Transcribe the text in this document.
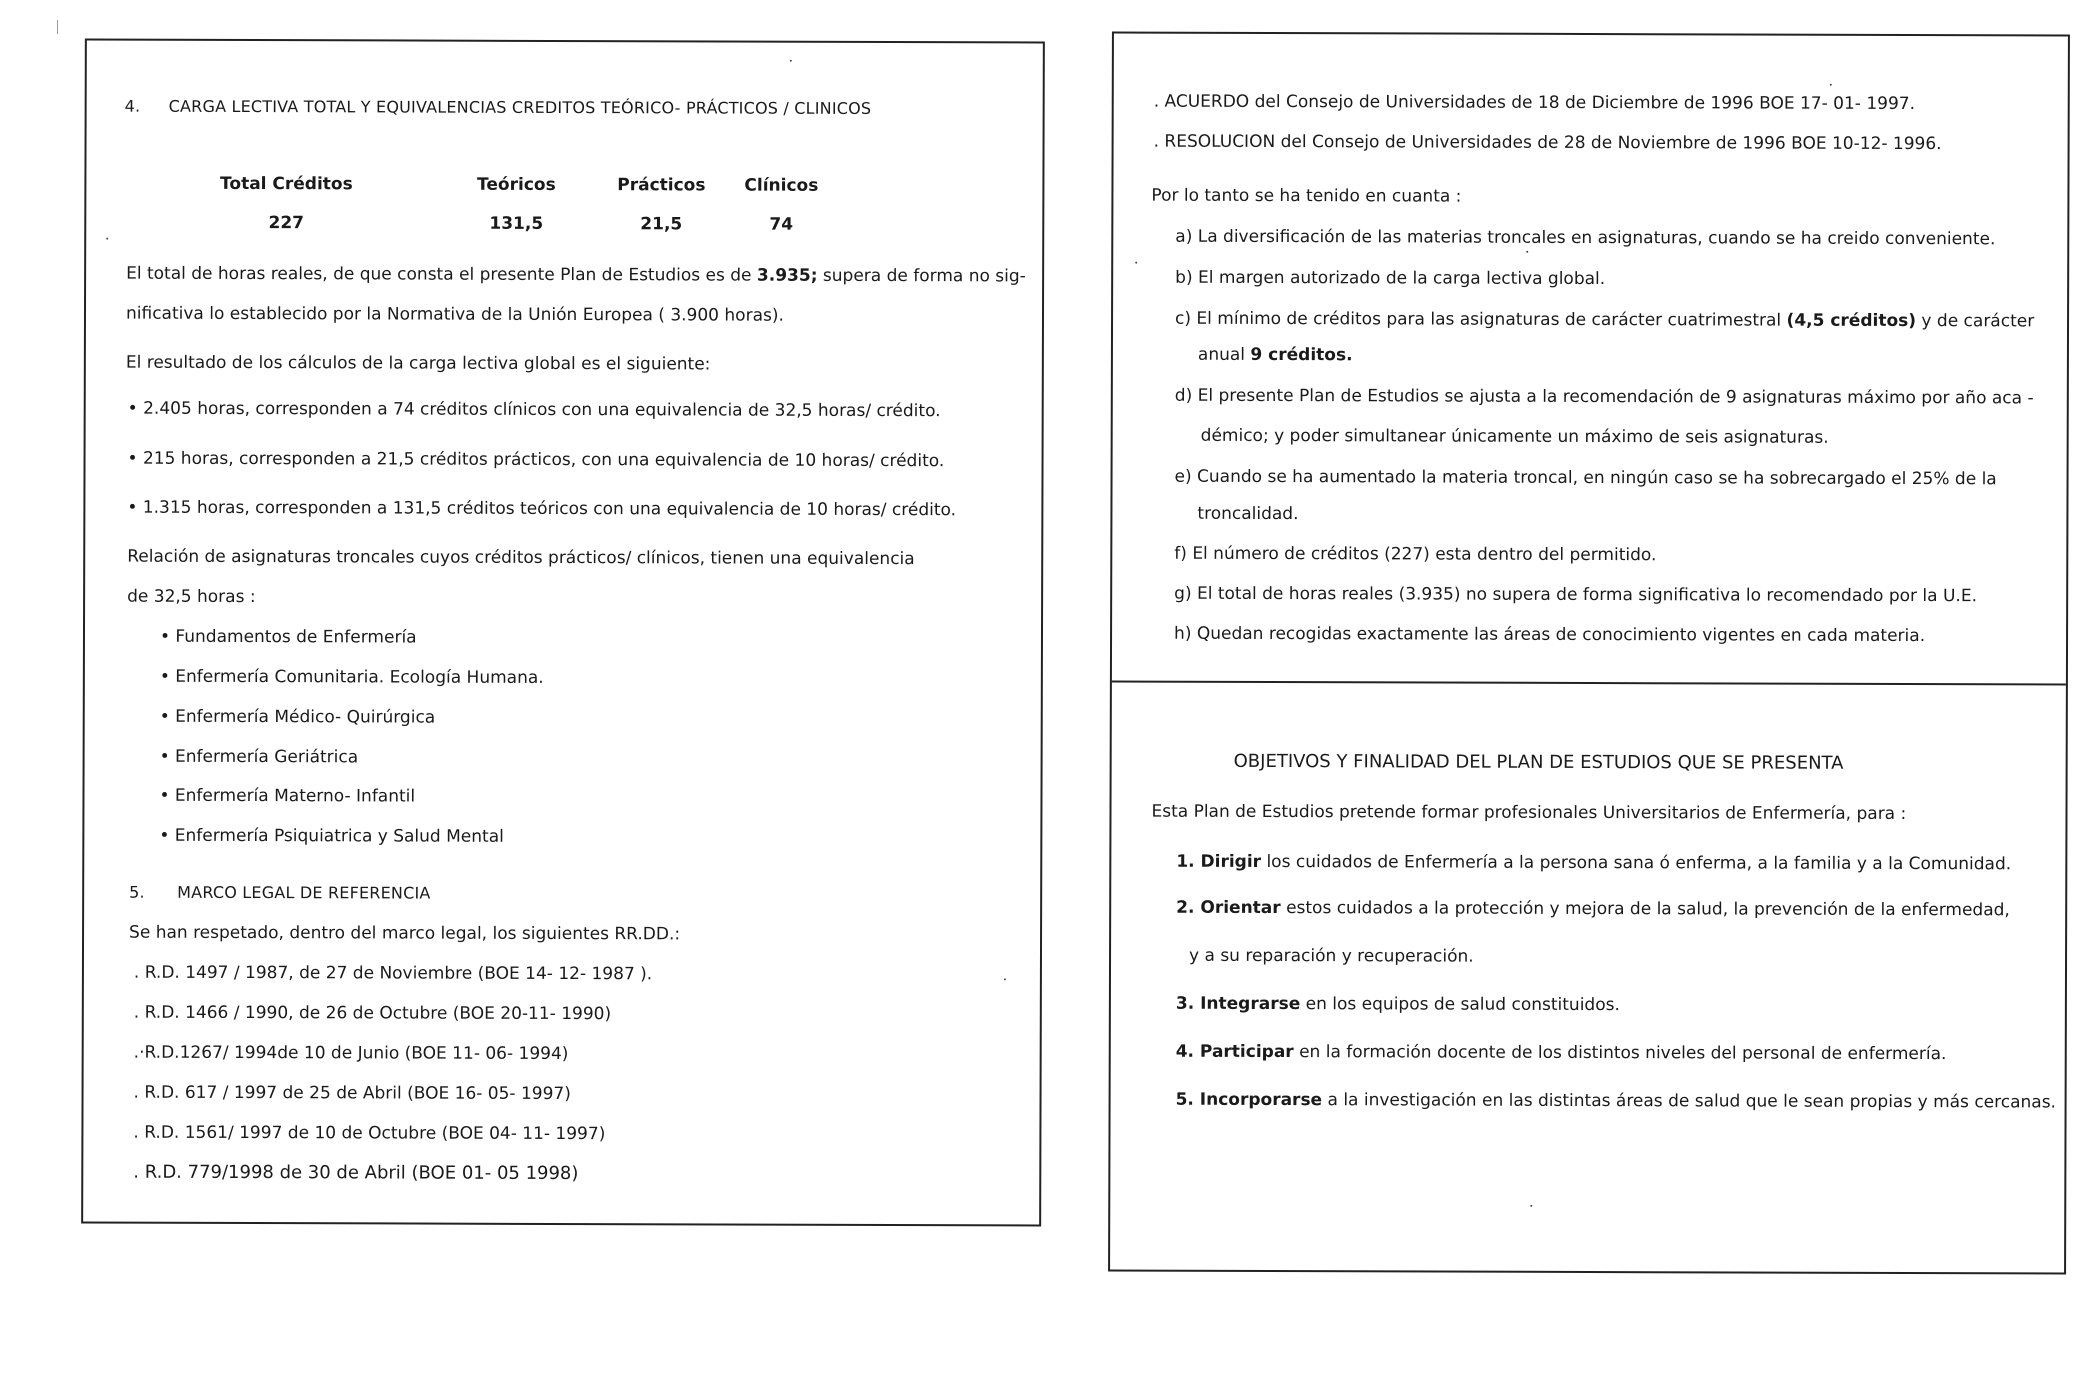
4. CARGA LECTIVA TOTAL Y EQUIVALENCIAS CREDITOS TEÓRICO- PRÁCTICOS / CLINICOS
Total Créditos	Teóricos	Prácticos	Clínicos
227	131,5	21,5	74
El total de horas reales, de que consta el presente Plan de Estudios es de 3.935; supera de forma no sig-
nificativa lo establecido por la Normativa de la Unión Europea ( 3.900 horas).
El resultado de los cálculos de la carga lectiva global es el siguiente:
• 2.405 horas, corresponden a 74 créditos clínicos con una equivalencia de 32,5 horas/ crédito.
• 215 horas, corresponden a 21,5 créditos prácticos, con una equivalencia de 10 horas/ crédito.
• 1.315 horas, corresponden a 131,5 créditos teóricos con una equivalencia de 10 horas/ crédito.
Relación de asignaturas troncales cuyos créditos prácticos/ clínicos, tienen una equivalencia
de 32,5 horas :
• Fundamentos de Enfermería
• Enfermería Comunitaria. Ecología Humana.
• Enfermería Médico- Quirúrgica
• Enfermería Geriátrica
• Enfermería Materno- Infantil
• Enfermería Psiquiatrica y Salud Mental
5. MARCO LEGAL DE REFERENCIA
Se han respetado, dentro del marco legal, los siguientes RR.DD.:
. R.D. 1497 / 1987, de 27 de Noviembre (BOE 14- 12- 1987 ).
. R.D. 1466 / 1990, de 26 de Octubre (BOE 20-11- 1990)
.·R.D.1267/ 1994de 10 de Junio (BOE 11- 06- 1994)
. R.D. 617 / 1997 de 25 de Abril (BOE 16- 05- 1997)
. R.D. 1561/ 1997 de 10 de Octubre (BOE 04- 11- 1997)
. R.D. 779/1998 de 30 de Abril (BOE 01- 05 1998)
. ACUERDO del Consejo de Universidades de 18 de Diciembre de 1996 BOE 17- 01- 1997.
. RESOLUCION del Consejo de Universidades de 28 de Noviembre de 1996 BOE 10-12- 1996.
Por lo tanto se ha tenido en cuanta :
a) La diversificación de las materias troncales en asignaturas, cuando se ha creido conveniente.
b) El margen autorizado de la carga lectiva global.
c) El mínimo de créditos para las asignaturas de carácter cuatrimestral (4,5 créditos) y de carácter
anual 9 créditos.
d) El presente Plan de Estudios se ajusta a la recomendación de 9 asignaturas máximo por año aca -
démico; y poder simultanear únicamente un máximo de seis asignaturas.
e) Cuando se ha aumentado la materia troncal, en ningún caso se ha sobrecargado el 25% de la
troncalidad.
f) El número de créditos (227) esta dentro del permitido.
g) El total de horas reales (3.935) no supera de forma significativa lo recomendado por la U.E.
h) Quedan recogidas exactamente las áreas de conocimiento vigentes en cada materia.
OBJETIVOS Y FINALIDAD DEL PLAN DE ESTUDIOS QUE SE PRESENTA
Esta Plan de Estudios pretende formar profesionales Universitarios de Enfermería, para :
1. Dirigir los cuidados de Enfermería a la persona sana ó enferma, a la familia y a la Comunidad.
2. Orientar estos cuidados a la protección y mejora de la salud, la prevención de la enfermedad,
y a su reparación y recuperación.
3. Integrarse en los equipos de salud constituidos.
4. Participar en la formación docente de los distintos niveles del personal de enfermería.
5. Incorporarse a la investigación en las distintas áreas de salud que le sean propias y más cercanas.
